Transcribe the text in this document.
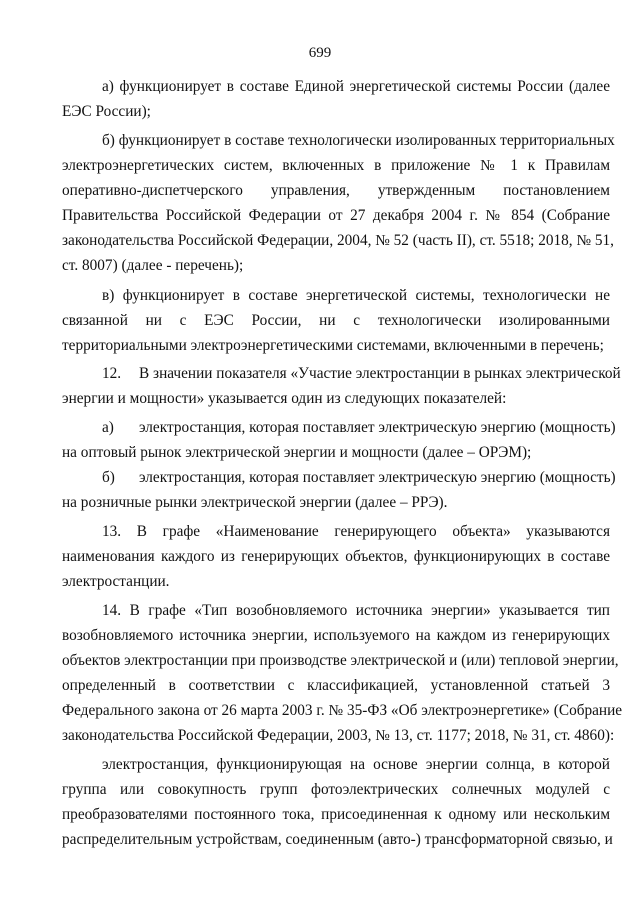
699
а) функционирует в составе Единой энергетической системы России (далее
ЕЭС России);
б) функционирует в составе технологически изолированных территориальных
электроэнергетических систем, включенных в приложение № 1 к Правилам
оперативно-диспетчерского управления, утвержденным постановлением
Правительства Российской Федерации от 27 декабря 2004 г. № 854 (Собрание
законодательства Российской Федерации, 2004, № 52 (часть II), ст. 5518; 2018, № 51,
ст. 8007) (далее - перечень);
в) функционирует в составе энергетической системы, технологически не
связанной ни с ЕЭС России, ни с технологически изолированными
территориальными электроэнергетическими системами, включенными в перечень;
12.	В значении показателя «Участие электростанции в рынках электрической
энергии и мощности» указывается один из следующих показателей:
а)	электростанция, которая поставляет электрическую энергию (мощность)
на оптовый рынок электрической энергии и мощности (далее – ОРЭМ);
б)	электростанция, которая поставляет электрическую энергию (мощность)
на розничные рынки электрической энергии (далее – РРЭ).
13. В графе «Наименование генерирующего объекта» указываются
наименования каждого из генерирующих объектов, функционирующих в составе
электростанции.
14. В графе «Тип возобновляемого источника энергии» указывается тип
возобновляемого источника энергии, используемого на каждом из генерирующих
объектов электростанции при производстве электрической и (или) тепловой энергии,
определенный в соответствии с классификацией, установленной статьей 3
Федерального закона от 26 марта 2003 г. № 35-ФЗ «Об электроэнергетике» (Собрание
законодательства Российской Федерации, 2003, № 13, ст. 1177; 2018, № 31, ст. 4860):
электростанция, функционирующая на основе энергии солнца, в которой
группа или совокупность групп фотоэлектрических солнечных модулей с
преобразователями постоянного тока, присоединенная к одному или нескольким
распределительным устройствам, соединенным (авто-) трансформаторной связью, и
